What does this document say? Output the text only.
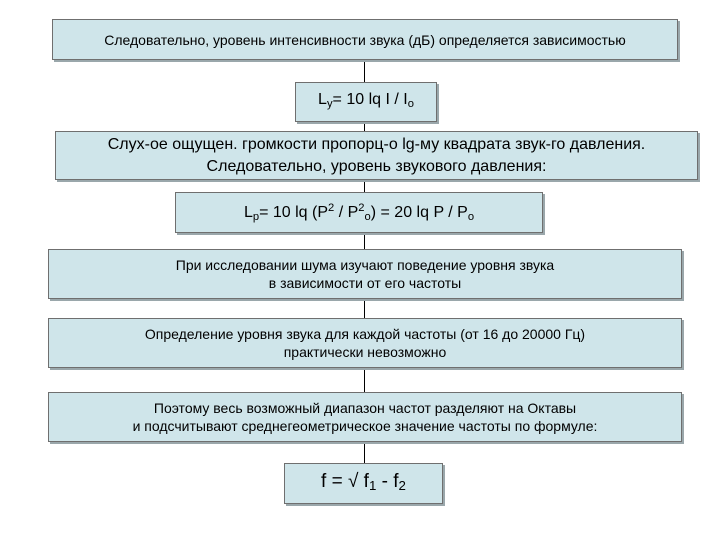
Следовательно, уровень интенсивности звука (дБ) определяется зависимостью
$L_у= 10$ lq I / $I_o$
Слух-ое ощущен. громкости пропорц-о lg-му квадрата звук-го давления.
Следовательно, уровень звукового давления:
$L_p= 10$ lq $(P^2 / P^2_o) = 20$ lq P / $P_o$
При исследовании шума изучают поведение уровня звука
в зависимости от его частоты
Определение уровня звука для каждой частоты (от 16 до 20000 Гц)
практически невозможно
Поэтому весь возможный диапазон частот разделяют на Октавы
и подсчитывают среднегеометрическое значение частоты по формуле:
f = √ $f_1 - f_2$
